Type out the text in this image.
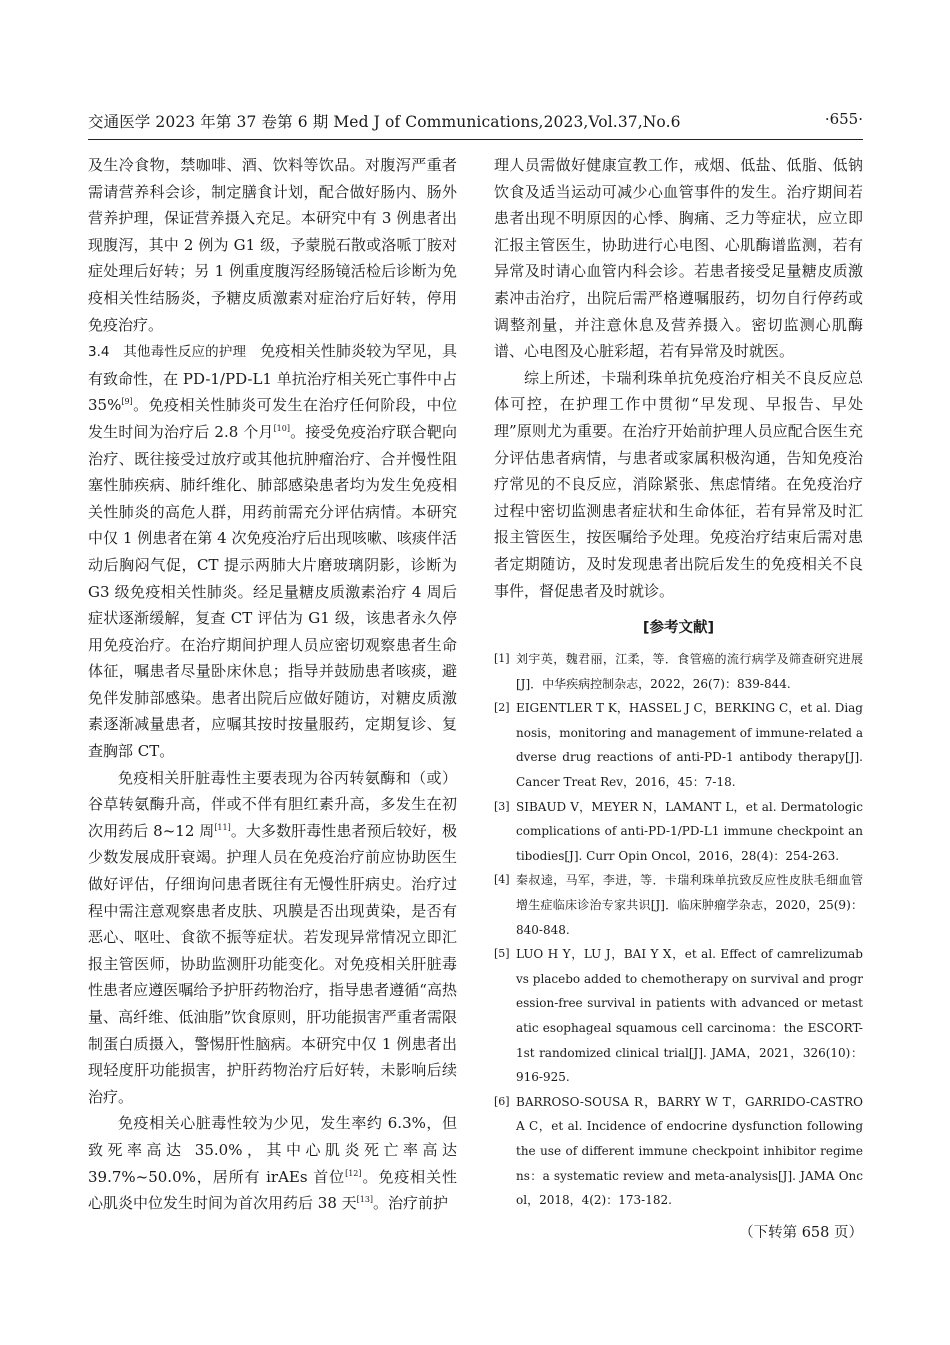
交通医学 2023 年第 37 卷第 6 期 Med J of Communications,2023,Vol.37,No.6	·655·

及生冷食物，禁咖啡、酒、饮料等饮品。对腹泻严重者需请营养科会诊，制定膳食计划，配合做好肠内、肠外营养护理，保证营养摄入充足。本研究中有 3 例患者出现腹泻，其中 2 例为 G1 级，予蒙脱石散或洛哌丁胺对症处理后好转；另 1 例重度腹泻经肠镜活检后诊断为免疫相关性结肠炎，予糖皮质激素对症治疗后好转，停用免疫治疗。

3.4　其他毒性反应的护理 免疫相关性肺炎较为罕见，具有致命性，在 PD-1/PD-L1 单抗治疗相关死亡事件中占 35%[9]。免疫相关性肺炎可发生在治疗任何阶段，中位发生时间为治疗后 2.8 个月[10]。接受免疫治疗联合靶向治疗、既往接受过放疗或其他抗肿瘤治疗、合并慢性阻塞性肺疾病、肺纤维化、肺部感染患者均为发生免疫相关性肺炎的高危人群，用药前需充分评估病情。本研究中仅 1 例患者在第 4 次免疫治疗后出现咳嗽、咳痰伴活动后胸闷气促，CT 提示两肺大片磨玻璃阴影，诊断为 G3 级免疫相关性肺炎。经足量糖皮质激素治疗 4 周后症状逐渐缓解，复查 CT 评估为 G1 级，该患者永久停用免疫治疗。在治疗期间护理人员应密切观察患者生命体征，嘱患者尽量卧床休息；指导并鼓励患者咳痰，避免伴发肺部感染。患者出院后应做好随访，对糖皮质激素逐渐减量患者，应嘱其按时按量服药，定期复诊、复查胸部 CT。

免疫相关肝脏毒性主要表现为谷丙转氨酶和（或）谷草转氨酶升高，伴或不伴有胆红素升高，多发生在初次用药后 8~12 周[11]。大多数肝毒性患者预后较好，极少数发展成肝衰竭。护理人员在免疫治疗前应协助医生做好评估，仔细询问患者既往有无慢性肝病史。治疗过程中需注意观察患者皮肤、巩膜是否出现黄染，是否有恶心、呕吐、食欲不振等症状。若发现异常情况立即汇报主管医师，协助监测肝功能变化。对免疫相关肝脏毒性患者应遵医嘱给予护肝药物治疗，指导患者遵循“高热量、高纤维、低油脂”饮食原则，肝功能损害严重者需限制蛋白质摄入，警惕肝性脑病。本研究中仅 1 例患者出现轻度肝功能损害，护肝药物治疗后好转，未影响后续治疗。

免疫相关心脏毒性较为少见，发生率约 6.3%，但致死率高达 35.0%，其中心肌炎死亡率高达 39.7%~50.0%，居所有 irAEs 首位[12]。免疫相关性心肌炎中位发生时间为首次用药后 38 天[13]。治疗前护

理人员需做好健康宣教工作，戒烟、低盐、低脂、低钠饮食及适当运动可减少心血管事件的发生。治疗期间若患者出现不明原因的心悸、胸痛、乏力等症状，应立即汇报主管医生，协助进行心电图、心肌酶谱监测，若有异常及时请心血管内科会诊。若患者接受足量糖皮质激素冲击治疗，出院后需严格遵嘱服药，切勿自行停药或调整剂量，并注意休息及营养摄入。密切监测心肌酶谱、心电图及心脏彩超，若有异常及时就医。

综上所述，卡瑞利珠单抗免疫治疗相关不良反应总体可控，在护理工作中贯彻“早发现、早报告、早处理”原则尤为重要。在治疗开始前护理人员应配合医生充分评估患者病情，与患者或家属积极沟通，告知免疫治疗常见的不良反应，消除紧张、焦虑情绪。在免疫治疗过程中密切监测患者症状和生命体征，若有异常及时汇报主管医生，按医嘱给予处理。免疫治疗结束后需对患者定期随访，及时发现患者出院后发生的免疫相关不良事件，督促患者及时就诊。

[参考文献]
[1] 刘宇英，魏君丽，江柔，等．食管癌的流行病学及筛查研究进展[J]．中华疾病控制杂志，2022，26(7)：839-844.
[2] EIGENTLER T K，HASSEL J C，BERKING C，et al. Diagnosis，monitoring and management of immune-related adverse drug reactions of anti-PD-1 antibody therapy[J]. Cancer Treat Rev，2016，45：7-18.
[3] SIBAUD V，MEYER N，LAMANT L，et al. Dermatologic complications of anti-PD-1/PD-L1 immune checkpoint antibodies[J]. Curr Opin Oncol，2016，28(4)：254-263.
[4] 秦叔逵，马军，李进，等．卡瑞利珠单抗致反应性皮肤毛细血管增生症临床诊治专家共识[J]．临床肿瘤学杂志，2020，25(9)：840-848.
[5] LUO H Y，LU J，BAI Y X，et al. Effect of camrelizumab vs placebo added to chemotherapy on survival and progression-free survival in patients with advanced or metastatic esophageal squamous cell carcinoma：the ESCORT-1st randomized clinical trial[J]. JAMA，2021，326(10)：916-925.
[6] BARROSO-SOUSA R，BARRY W T，GARRIDO-CASTRO A C，et al. Incidence of endocrine dysfunction following the use of different immune checkpoint inhibitor regimens：a systematic review and meta-analysis[J]. JAMA Oncol，2018，4(2)：173-182.
（下转第 658 页）
